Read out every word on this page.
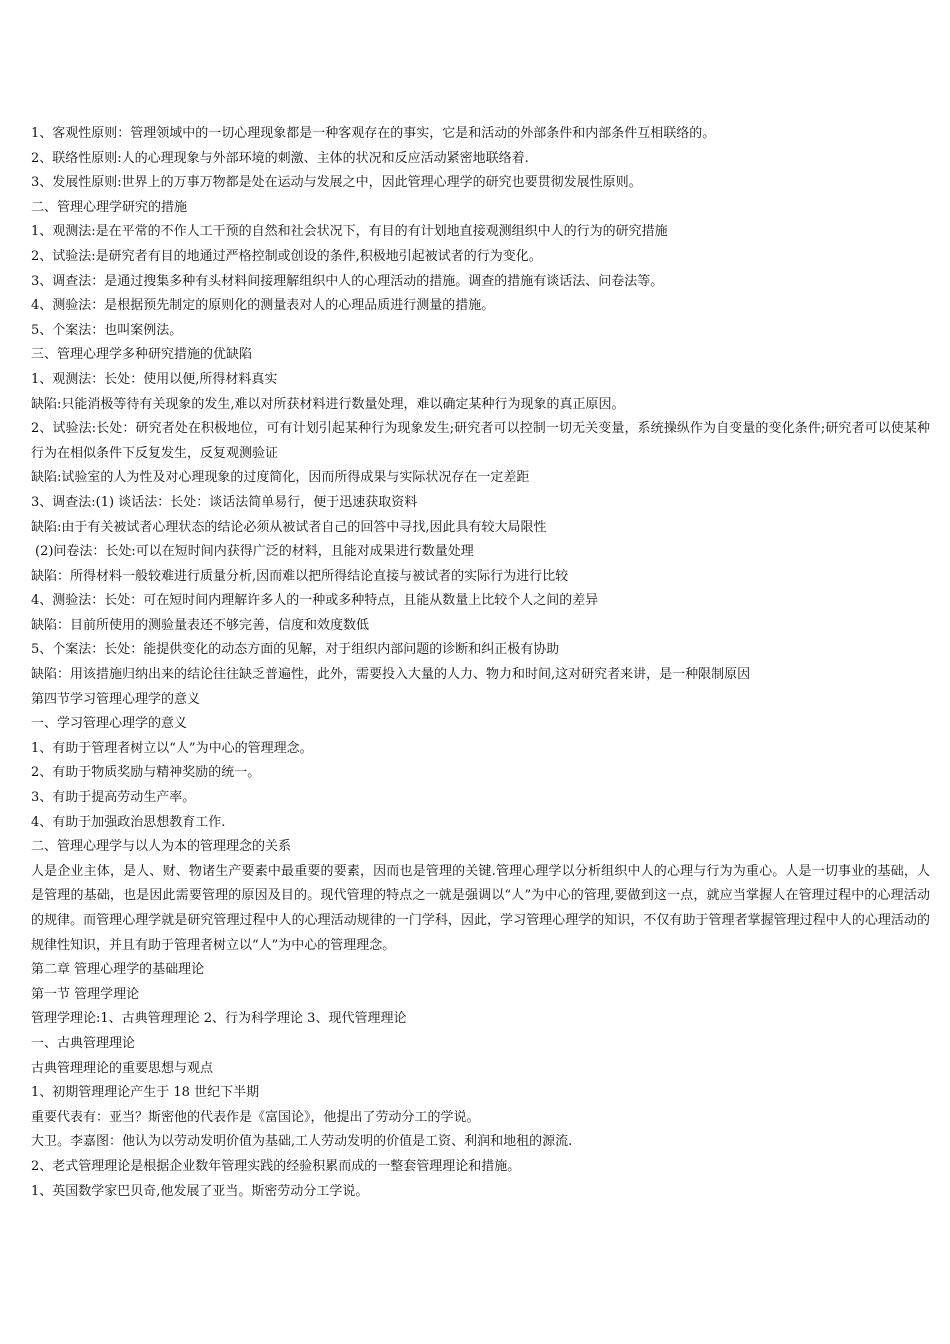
1、客观性原则：管理领域中的一切心理现象都是一种客观存在的事实，它是和活动的外部条件和内部条件互相联络的。
2、联络性原则:人的心理现象与外部环境的刺激、主体的状况和反应活动紧密地联络着.
3、发展性原则:世界上的万事万物都是处在运动与发展之中，因此管理心理学的研究也要贯彻发展性原则。
二、管理心理学研究的措施
1、观测法:是在平常的不作人工干预的自然和社会状况下，有目的有计划地直接观测组织中人的行为的研究措施
2、试验法:是研究者有目的地通过严格控制或创设的条件,积极地引起被试者的行为变化。
3、调查法：是通过搜集多种有头材料间接理解组织中人的心理活动的措施。调查的措施有谈话法、问卷法等。
4、测验法：是根据预先制定的原则化的测量表对人的心理品质进行测量的措施。
5、个案法：也叫案例法。
三、管理心理学多种研究措施的优缺陷
1、观测法：长处：使用以便,所得材料真实
缺陷:只能消极等待有关现象的发生,难以对所获材料进行数量处理，难以确定某种行为现象的真正原因。
2、试验法:长处：研究者处在积极地位，可有计划引起某种行为现象发生;研究者可以控制一切无关变量，系统操纵作为自变量的变化条件;研究者可以使某种行为在相似条件下反复发生，反复观测验证
缺陷:试验室的人为性及对心理现象的过度简化，因而所得成果与实际状况存在一定差距
3、调查法:(1) 谈话法：长处：谈话法简单易行，便于迅速获取资料
缺陷:由于有关被试者心理状态的结论必须从被试者自己的回答中寻找,因此具有较大局限性
(2)问卷法：长处:可以在短时间内获得广泛的材料，且能对成果进行数量处理
缺陷：所得材料一般较难进行质量分析,因而难以把所得结论直接与被试者的实际行为进行比较
4、测验法：长处：可在短时间内理解许多人的一种或多种特点，且能从数量上比较个人之间的差异
缺陷：目前所使用的测验量表还不够完善，信度和效度数低
5、个案法：长处：能提供变化的动态方面的见解，对于组织内部问题的诊断和纠正极有协助
缺陷：用该措施归纳出来的结论往往缺乏普遍性，此外，需要投入大量的人力、物力和时间,这对研究者来讲，是一种限制原因
第四节学习管理心理学的意义
一、学习管理心理学的意义
1、有助于管理者树立以“人”为中心的管理理念。
2、有助于物质奖励与精神奖励的统一。
3、有助于提高劳动生产率。
4、有助于加强政治思想教育工作.
二、管理心理学与以人为本的管理理念的关系
人是企业主体，是人、财、物诸生产要素中最重要的要素，因而也是管理的关键.管理心理学以分析组织中人的心理与行为为重心。人是一切事业的基础，人是管理的基础，也是因此需要管理的原因及目的。现代管理的特点之一就是强调以“人”为中心的管理,要做到这一点，就应当掌握人在管理过程中的心理活动的规律。而管理心理学就是研究管理过程中人的心理活动规律的一门学科，因此，学习管理心理学的知识，不仅有助于管理者掌握管理过程中人的心理活动的规律性知识，并且有助于管理者树立以“人”为中心的管理理念。
第二章 管理心理学的基础理论
第一节 管理学理论
管理学理论:1、古典管理理论 2、行为科学理论 3、现代管理理论
一、古典管理理论
古典管理理论的重要思想与观点
1、初期管理理论产生于 18 世纪下半期
重要代表有：亚当？斯密他的代表作是《富国论》，他提出了劳动分工的学说。
大卫。李嘉图：他认为以劳动发明价值为基础,工人劳动发明的价值是工资、利润和地租的源流.
2、老式管理理论是根据企业数年管理实践的经验积累而成的一整套管理理论和措施。
1、英国数学家巴贝奇,他发展了亚当。斯密劳动分工学说。
